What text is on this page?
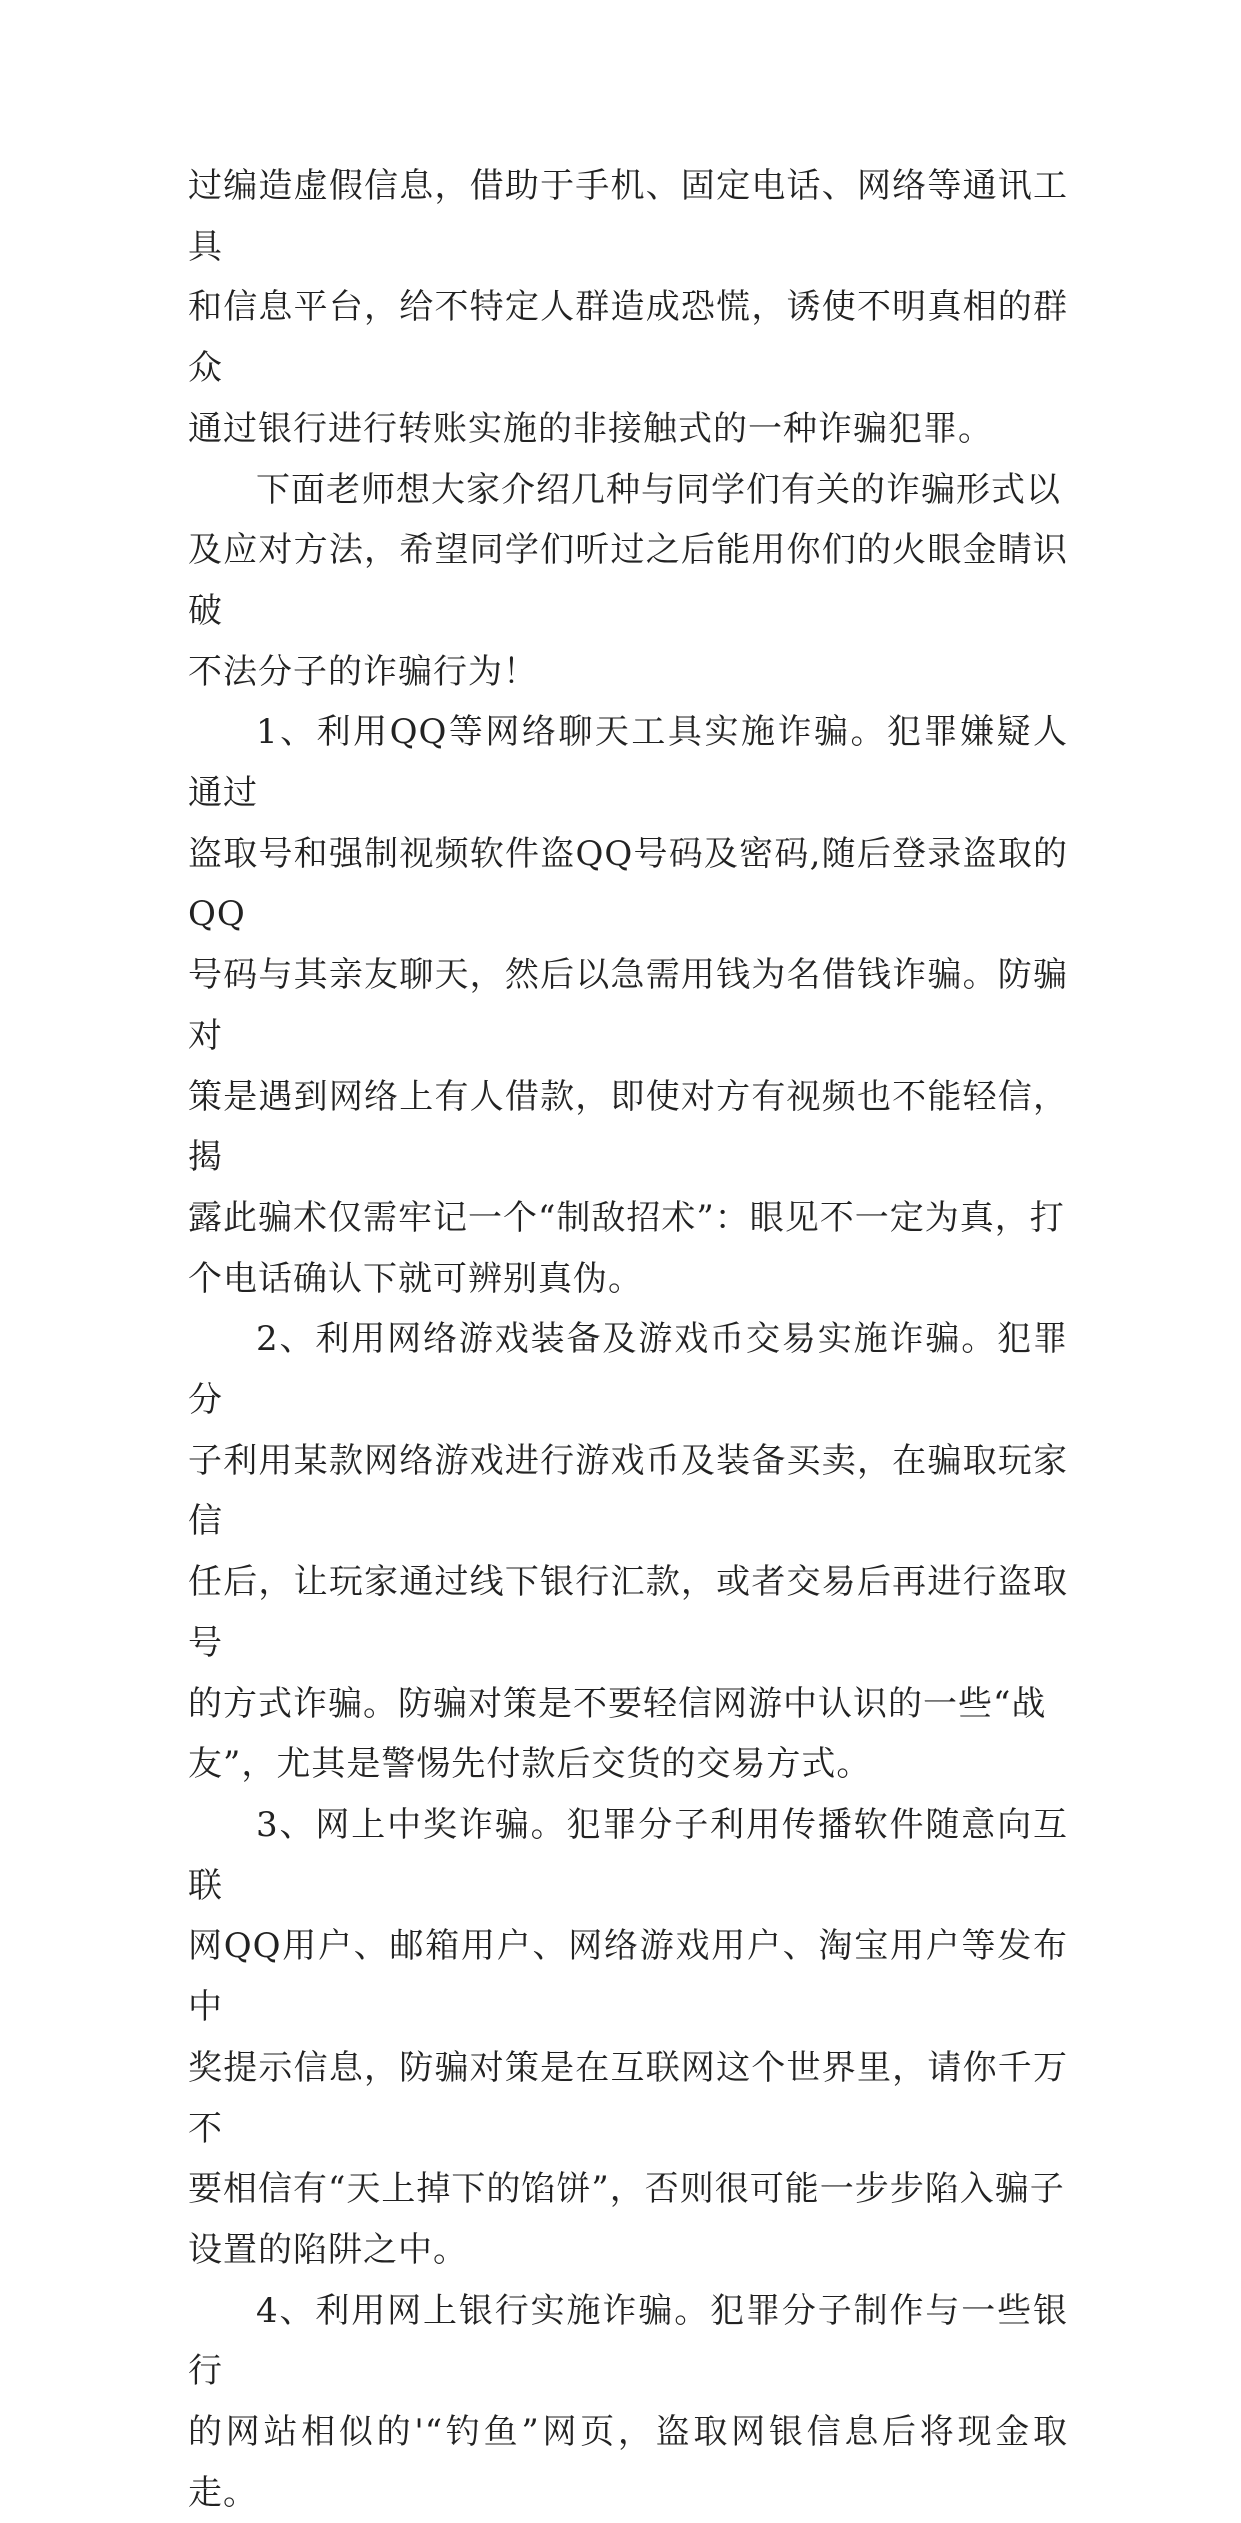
过编造虚假信息，借助于手机、固定电话、网络等通讯工具
和信息平台，给不特定人群造成恐慌，诱使不明真相的群众
通过银行进行转账实施的非接触式的一种诈骗犯罪。

下面老师想大家介绍几种与同学们有关的诈骗形式以
及应对方法，希望同学们听过之后能用你们的火眼金睛识破
不法分子的诈骗行为！

1、利用QQ等网络聊天工具实施诈骗。犯罪嫌疑人通过
盗取号和强制视频软件盗QQ号码及密码,随后登录盗取的QQ
号码与其亲友聊天，然后以急需用钱为名借钱诈骗。防骗对
策是遇到网络上有人借款，即使对方有视频也不能轻信，揭
露此骗术仅需牢记一个“制敌招术”：眼见不一定为真，打
个电话确认下就可辨别真伪。

2、利用网络游戏装备及游戏币交易实施诈骗。犯罪分
子利用某款网络游戏进行游戏币及装备买卖，在骗取玩家信
任后，让玩家通过线下银行汇款，或者交易后再进行盗取号
的方式诈骗。防骗对策是不要轻信网游中认识的一些“战
友”，尤其是警惕先付款后交货的交易方式。

3、网上中奖诈骗。犯罪分子利用传播软件随意向互联
网QQ用户、邮箱用户、网络游戏用户、淘宝用户等发布中
奖提示信息，防骗对策是在互联网这个世界里，请你千万不
要相信有“天上掉下的馅饼”，否则很可能一步步陷入骗子
设置的陷阱之中。

4、利用网上银行实施诈骗。犯罪分子制作与一些银行
的网站相似的'“钓鱼”网页，盗取网银信息后将现金取走。
